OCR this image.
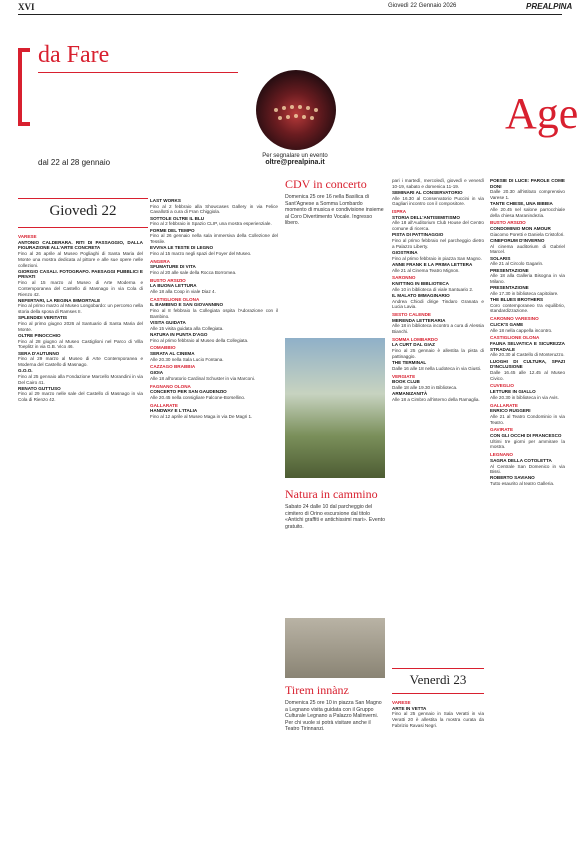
XVI	Giovedì 22 Gennaio 2026	PREALPINA
da Fare
dal 22 al 28 gennaio
Age
Per segnalare un evento
oltre@prealpina.it
Giovedì 22
VARESE
ANTONIO CALDERARA. RITI DI PASSAGGIO, DALLA FIGURAZIONE ALL'ARTE CONCRETA

Fino al 26 aprile al Museo Pogliaghi di Santa Maria del Monte una mostra dedicata al pittore e alle sue opere nelle collezioni.

GIORGIO CASALI. FOTOGRAFO. PAESAGGI PUBBLICI E PRIVATI

Fino al 15 marzo al Museo di Arte Moderna e Contemporanea del Castello di Masnago in via Cola di Rienzo 42.

NEFERTARI, LA REGINA IMMORTALE

Fino al primo marzo al Museo Longobardo: un percorso nella storia della sposa di Ramses II.

SPLENDIDI VERITATIS

Fino al primo giugno 2026 al Santuario di Santa Maria del Monte.

OLTRE PINOCCHIO

Fino al 28 giugno al Museo Castiglioni nel Parco di Villa Toeplitz in via G.B. Vico 46.

SERA D'AUTUNNO

Fino al 29 marzo al Museo di Arte Contemporanea e Moderna del Castello di Masnago.

G.O.O.

Fino al 25 gennaio alla Fondazione Marcello Morandini in via Del Cairo 41.

RENATO GUTTUSO

Fino al 29 marzo nelle sale del Castello di Masnago in via Cola di Rienzo 42.

LAST WORKS

Fino al 2 febbraio alla Showcases Gallery in via Felice Cavallotti a cura di Fran Chiggiola.

SOTTOLE OLTRE IL BLU

Fino al 2 febbraio in Spazio CLIP, una mostra esperienziale.

FORME DEL TEMPO

Fino al 26 gennaio nella sala immersiva della Collezione del Tessile.

EVVIVA LE TESTE DI LEGNO

Fino al 15 marzo negli spazi del Foyer del Museo.

ANGERA
SFUMATURE DI VITA

Fino al 20 alle sale della Rocca Borromea.

BUSTO ARSIZIO
LA BUONA LETTURA

Alle 18 alla Coop in viale Diaz 4.

CASTIGLIONE OLONA
IL BAMBINO E SAN GIOVANNINO

Fino al 8 febbraio la Collegiata ospita l'Adorazione con il Bambino.

VISITA GUIDATA

Alle 15 visita guidata alla Collegiata.

NATURA IN PUNTA D'AGO

Fino al primo febbraio al Museo della Collegiata.

COMABBIO
SERATA AL CINEMA

Alle 20.30 nella Sala Lucio Fontana.

CAZZAGO BRABBIA
GIOIA

Alle 18 all'oratorio Cardinal Schuster in via Marconi.

FAGNANO OLONA
CONCERTO PER SAN GAUDENZIO

Alle 20.45 nella consigliare Falcone-Borsellino.

GALLARATE
HANDWAY E L'ITALIA

Fino al 12 aprile al Museo Maga in via De Magri 1.

CDV in concerto
Domenica 25 ore 16 nella Basilica di Sant'Agnese a Somma Lombardo momento di musica e condivisione insieme al Coro Divertimento Vocale. Ingresso libero.
Natura in cammino
Sabato 24 dalle 10 dal parcheggio del cimitero di Orino escursione dal titolo «Antichi graffiti e antichissimi mari». Evento gratuito.
Tirem innànz
Domenica 25 ore 10 in piazza San Magno a Legnano visita guidata con il Gruppo Culturale Legnano a Palazzo Malinverni. Per chi vuole si potrà visitare anche il Teatro Tirinnanzi.

pari i martedì, mercoledì, giovedì e venerdì 10-19, sabato e domenica 11-19.

SEMINARI AL CONSERVATORIO

Alle 16.30 al Conservatorio Puccini in via Gagliari incontro con il compositore.

ISPRA
STORIA DELL'ANTISEMITISMO

Alle 18 all'Auditorium Club House del Centro comune di ricerca.

PISTA DI PATTINAGGIO

Fino al primo febbraio nel parcheggio dietro a Palazzo Liberty.

GIOSTRINA

Fino al primo febbraio in piazza San Magno.

ANNE FRANK E LA PRIMA LETTERA

Alle 21 al Cinema Teatro Mignon.

SARONNO
KNITTING IN BIBLIOTECA

Alle 10 in biblioteca di viale Santuario 2.

IL MALATO IMMAGINARIO

Andrea Chiodi dirige Tindaro Granata e Lucia Lavia.

SESTO CALENDE
MERENDA LETTERARIA

Alle 18 in biblioteca incontro a cura di Alessia Bianchi.

SOMMA LOMBARDO
LA CURT DAL GIAZ

Fino al 25 gennaio è allestita la pista di pattinaggio.

THE TERMINAL

Dalle 16 alle 18 nella Ludoteca in via Giusti.

VERGIATE
BOOK CLUB

Dalle 18 alle 19.30 in Biblioteca.

ARMANIZANITÀ

Alle 18 a Cimbro all'interno della Ramaglia.

Venerdì 23
VARESE
ARTE IN VETTA

Fino al 25 gennaio in Sala Veratti in via Veratti 20 è allestita la mostra curata da Fabrizio Ravasi Negri.

POESIE DI LUCE: PAROLE COME DONI

Dalle 20.30 all'istituto comprensivo Varese 1.

TANTE CHIESE, UNA BIBBIA

Alle 20.45 nel salone parrocchiale della chiesa Maranindezia.

BUSTO ARSIZIO
CONDOMINIO MON AMOUR

Giacomo Poretti e Daniela Cristofori.

CINEFORUM D'INVERNO

Al cinema auditorium di Gabriel Marcel.

SOLARIS

Alle 21 al Circolo Gagarin.

PRESENTAZIONE

Alle 18 alla Galleria Bisogna in via Milano.

PRESENTAZIONE

Alle 17.30 in biblioteca capitolare.

THE BLUES BROTHERS

Coro contemporaneo tra equilibrio, standardizzazione.

CARONNO VARESINO
CLICK'S GAME

Alle 18 nella cappella incontro.

CASTIGLIONE OLONA
FAUNA SELVATICA E SICUREZZA STRADALE

Alle 20.30 al Castello di Monteruzzo.

LUOGHI DI CULTURA, SPAZI D'INCLUSIONE

Dalle 16.45 alle 12.45 al Museo Civico.

CUVEGLIO
LETTURE IN GIALLO

Alle 20.30 in biblioteca in via Avis.

GALLARATE
ENRICO RUGGERI

Alle 21 al Teatro Condominio in via Teatro.

GAVIRATE
CON GLI OCCHI DI FRANCESCO

Ultimi tre giorni per ammirare la mostra.

LEGNANO
SAGRA DELLA COTOLETTA

Al Centrale San Domenico in via Bissi.

ROBERTO SAVIANO

Tutto esaurito al teatro Galleria.
